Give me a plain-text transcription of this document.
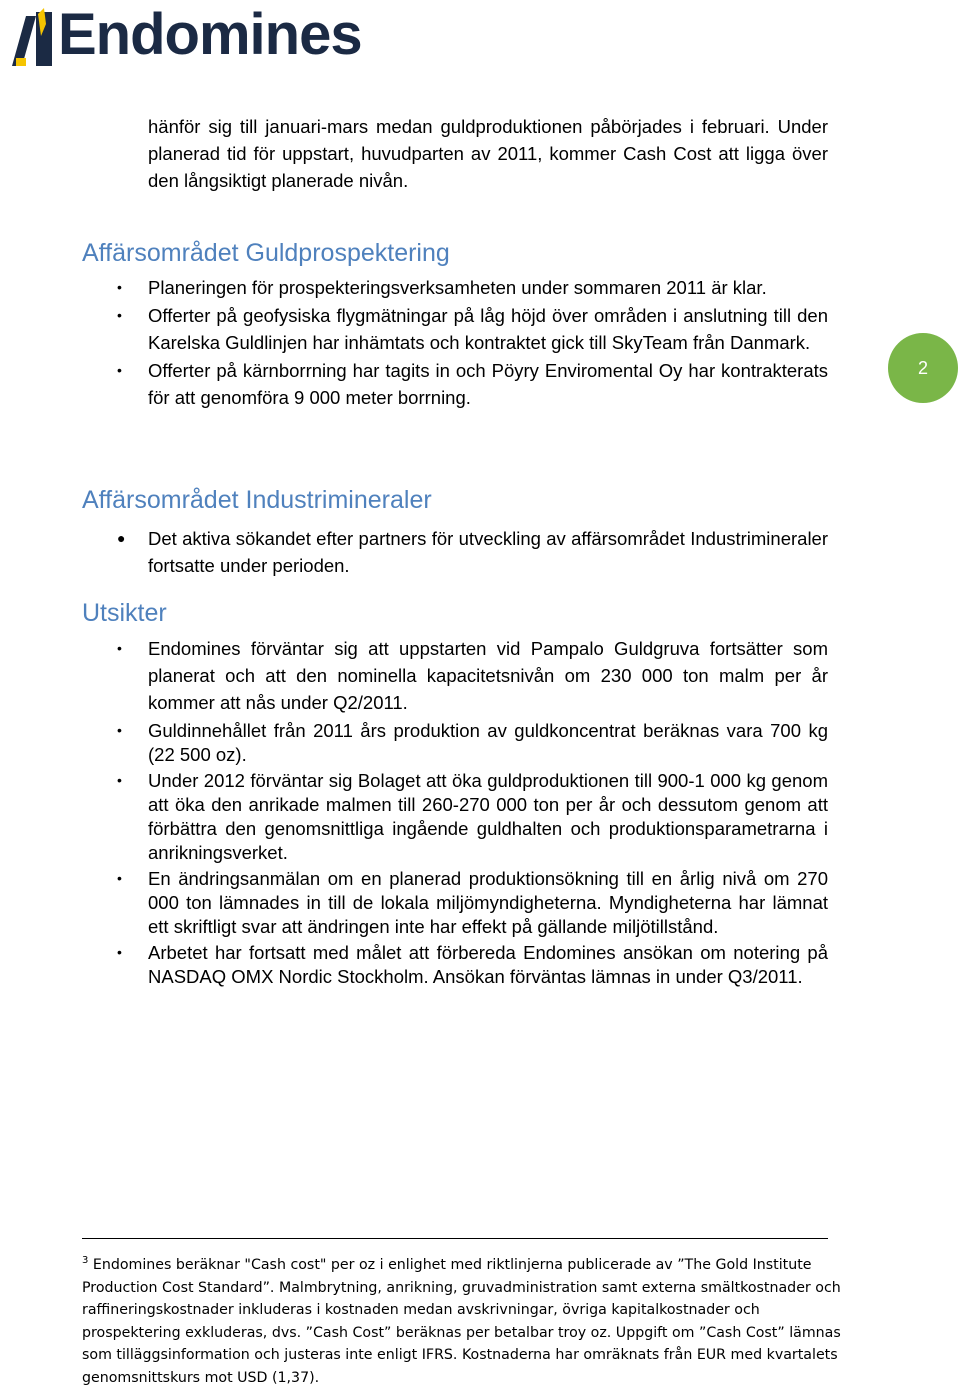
Endomines
2
hänför sig till januari-mars medan guldproduktionen påbörjades i februari. Under planerad tid för uppstart, huvudparten av 2011, kommer Cash Cost att ligga över den långsiktigt planerade nivån.
Affärsområdet Guldprospektering
• Planeringen för prospekteringsverksamheten under sommaren 2011 är klar.
• Offerter på geofysiska flygmätningar på låg höjd över områden i anslutning till den Karelska Guldlinjen har inhämtats och kontraktet gick till SkyTeam från Danmark.
• Offerter på kärnborrning har tagits in och Pöyry Enviromental Oy har kontrakterats för att genomföra 9 000 meter borrning.
Affärsområdet Industrimineraler
● Det aktiva sökandet efter partners för utveckling av affärsområdet Industrimineraler fortsatte under perioden.
Utsikter
• Endomines förväntar sig att uppstarten vid Pampalo Guldgruva fortsätter som planerat och att den nominella kapacitetsnivån om 230 000 ton malm per år kommer att nås under Q2/2011.
• Guldinnehållet från 2011 års produktion av guldkoncentrat beräknas vara 700 kg (22 500 oz).
• Under 2012 förväntar sig Bolaget att öka guldproduktionen till 900-1 000 kg genom att öka den anrikade malmen till 260-270 000 ton per år och dessutom genom att förbättra den genomsnittliga ingående guldhalten och produktionsparametrarna i anrikningsverket.
• En ändringsanmälan om en planerad produktionsökning till en årlig nivå om 270 000 ton lämnades in till de lokala miljömyndigheterna. Myndigheterna har lämnat ett skriftligt svar att ändringen inte har effekt på gällande miljötillstånd.
• Arbetet har fortsatt med målet att förbereda Endomines ansökan om notering på NASDAQ OMX Nordic Stockholm. Ansökan förväntas lämnas in under Q3/2011.
$^3$ Endomines beräknar "Cash cost" per oz i enlighet med riktlinjerna publicerade av ”The Gold Institute Production Cost Standard”. Malmbrytning, anrikning, gruvadministration samt externa smältkostnader och raffineringskostnader inkluderas i kostnaden medan avskrivningar, övriga kapitalkostnader och prospektering exkluderas, dvs. ”Cash Cost” beräknas per betalbar troy oz. Uppgift om ”Cash Cost” lämnas som tilläggsinformation och justeras inte enligt IFRS. Kostnaderna har omräknats från EUR med kvartalets genomsnittskurs mot USD (1,37).
